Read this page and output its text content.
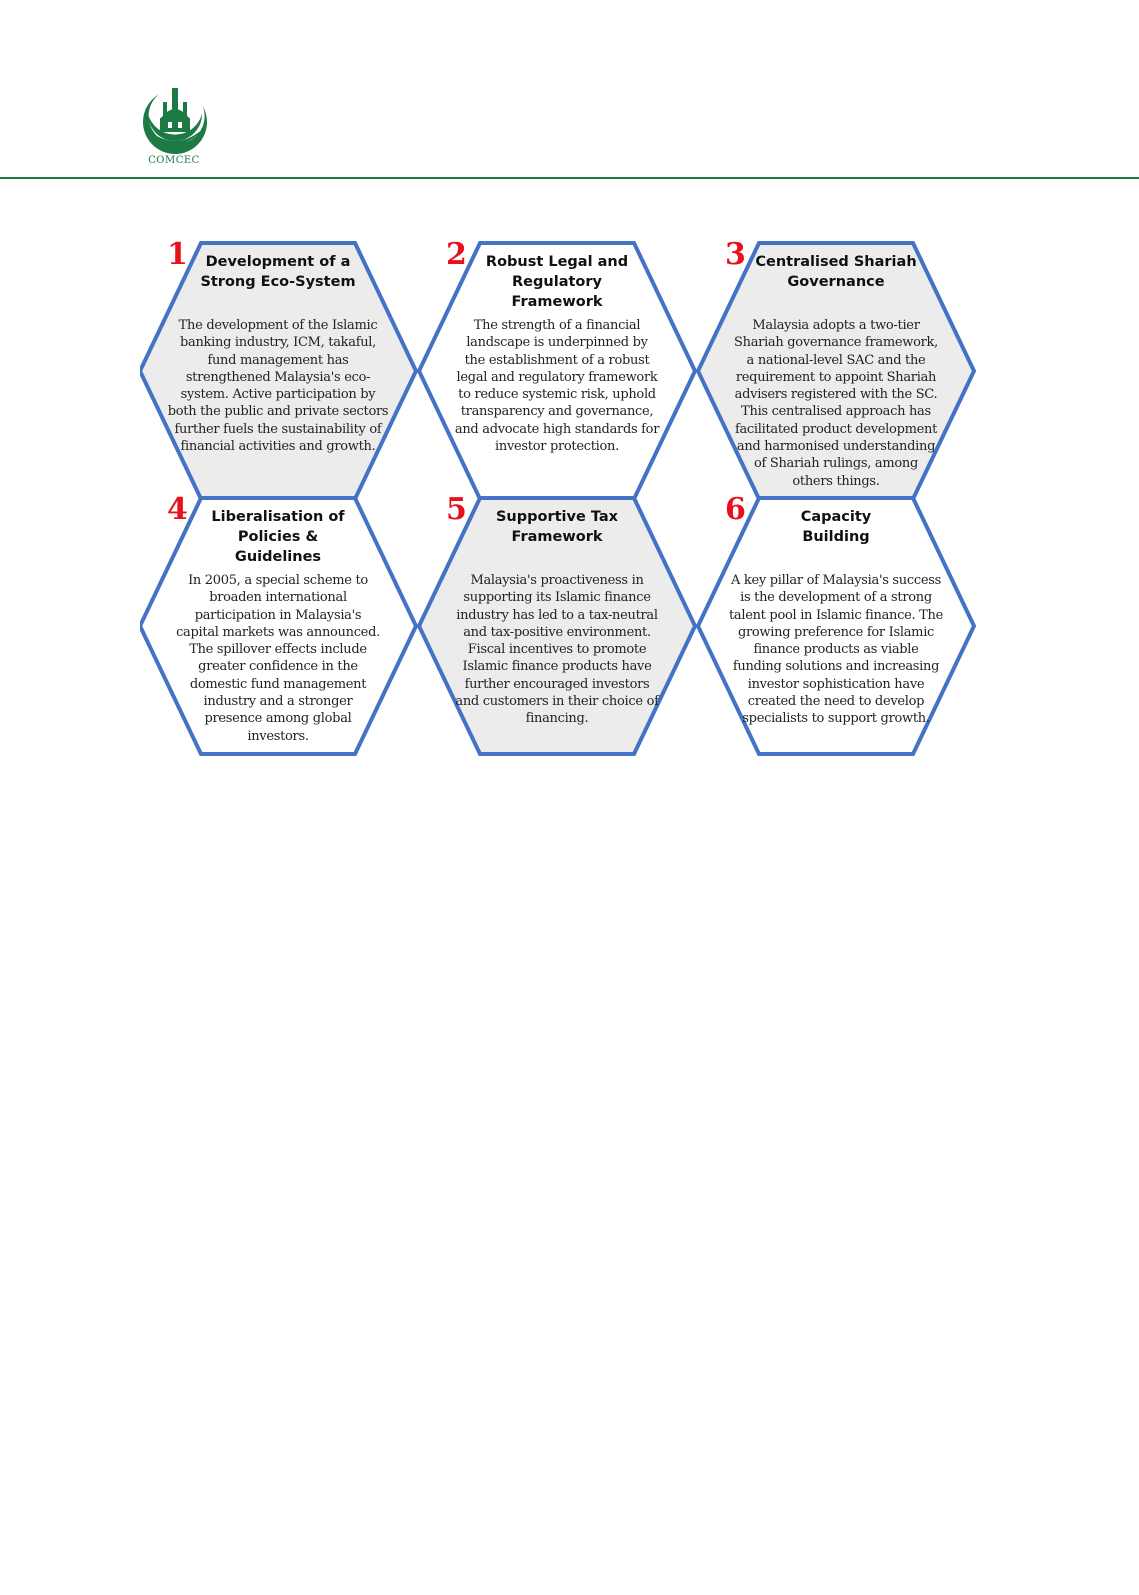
COMCEC
1	Development of a
Strong Eco-System
The development of the Islamic
banking industry, ICM, takaful,
fund management has
strengthened Malaysia's eco-
system. Active participation by
both the public and private sectors
further fuels the sustainability of
financial activities and growth.
2	Robust Legal and
Regulatory
Framework
The strength of a financial
landscape is underpinned by
the establishment of a robust
legal and regulatory framework
to reduce systemic risk, uphold
transparency and governance,
and advocate high standards for
investor protection.
3 Centralised Shariah
Governance
Malaysia adopts a two-tier
Shariah governance framework,
a national-level SAC and the
requirement to appoint Shariah
advisers registered with the SC.
This centralised approach has
facilitated product development
and harmonised understanding
of Shariah rulings, among
others things.
4	Liberalisation of
Policies & Guidelines
In 2005, a special scheme to
broaden international
participation in Malaysia's
capital markets was announced.
The spillover effects include
greater confidence in the
domestic fund management
industry and a stronger
presence among global
investors.
5	Supportive Tax
Framework
Malaysia's proactiveness in
supporting its Islamic finance
industry has led to a tax-neutral
and tax-positive environment.
Fiscal incentives to promote
Islamic finance products have
further encouraged investors
and customers in their choice of
financing.
6	Capacity
Building
A key pillar of Malaysia's success
is the development of a strong
talent pool in Islamic finance. The
growing preference for Islamic
finance products as viable
funding solutions and increasing
investor sophistication have
created the need to develop
specialists to support growth.
